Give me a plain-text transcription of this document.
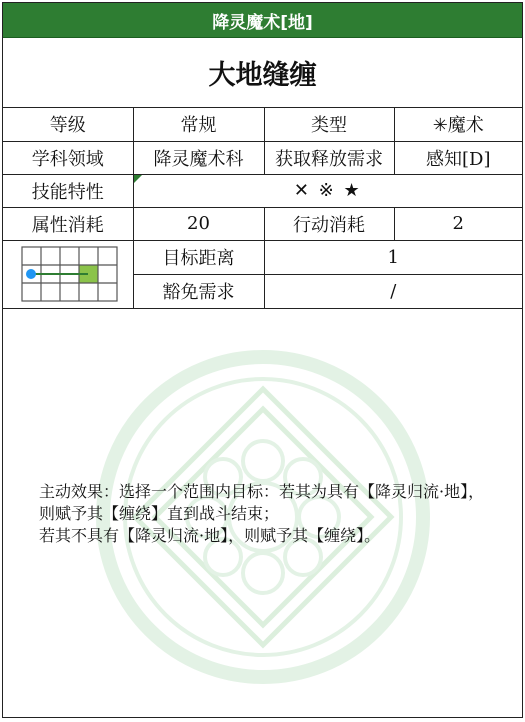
降灵魔术[地]
大地缝缠
等级	常规	类型	✳魔术
学科领域	降灵魔术科	获取释放需求	感知[D]
技能特性	✕ ※ ★		
属性消耗	20	行动消耗	2

	目标距离	1	
	豁免需求	/	
主动效果：选择一个范围内目标：若其为具有【降灵归流·地】，则赋予其【缠绕】直到战斗结束；
若其不具有【降灵归流·地】，则赋予其【缠绕】。
